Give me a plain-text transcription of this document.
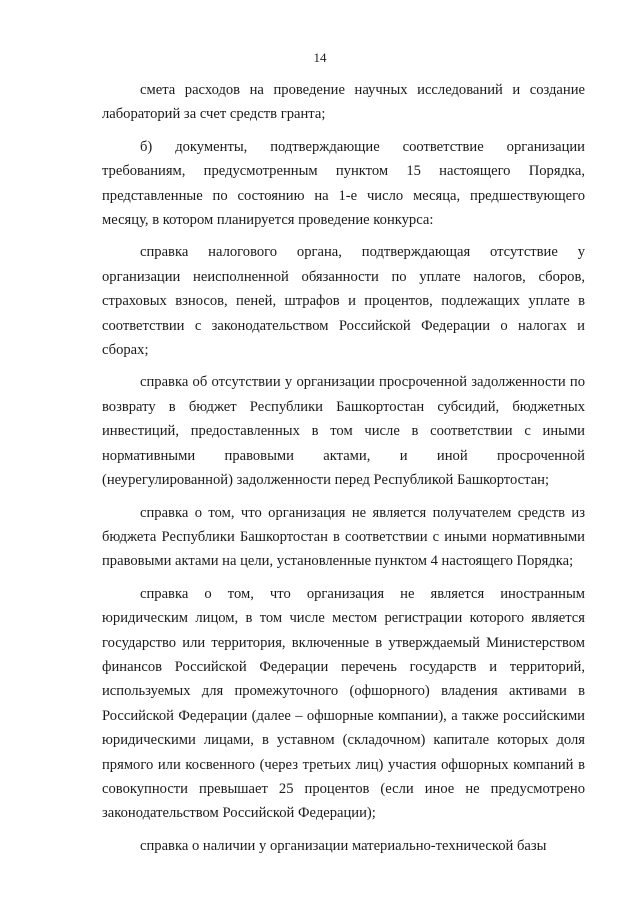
14

смета расходов на проведение научных исследований и создание лабораторий за счет средств гранта;

б) документы, подтверждающие соответствие организации требованиям, предусмотренным пунктом 15 настоящего Порядка, представленные по состоянию на 1-е число месяца, предшествующего месяцу, в котором планируется проведение конкурса:

справка налогового органа, подтверждающая отсутствие у организации неисполненной обязанности по уплате налогов, сборов, страховых взносов, пеней, штрафов и процентов, подлежащих уплате в соответствии с законодательством Российской Федерации о налогах и сборах;

справка об отсутствии у организации просроченной задолженности по возврату в бюджет Республики Башкортостан субсидий, бюджетных инвестиций, предоставленных в том числе в соответствии с иными нормативными правовыми актами, и иной просроченной (неурегулированной) задолженности перед Республикой Башкортостан;

справка о том, что организация не является получателем средств из бюджета Республики Башкортостан в соответствии с иными нормативными правовыми актами на цели, установленные пунктом 4 настоящего Порядка;

справка о том, что организация не является иностранным юридическим лицом, в том числе местом регистрации которого является государство или территория, включенные в утверждаемый Министерством финансов Российской Федерации перечень государств и территорий, используемых для промежуточного (офшорного) владения активами в Российской Федерации (далее – офшорные компании), а также российскими юридическими лицами, в уставном (складочном) капитале которых доля прямого или косвенного (через третьих лиц) участия офшорных компаний в совокупности превышает 25 процентов (если иное не предусмотрено законодательством Российской Федерации);

справка о наличии у организации материально-технической базы
